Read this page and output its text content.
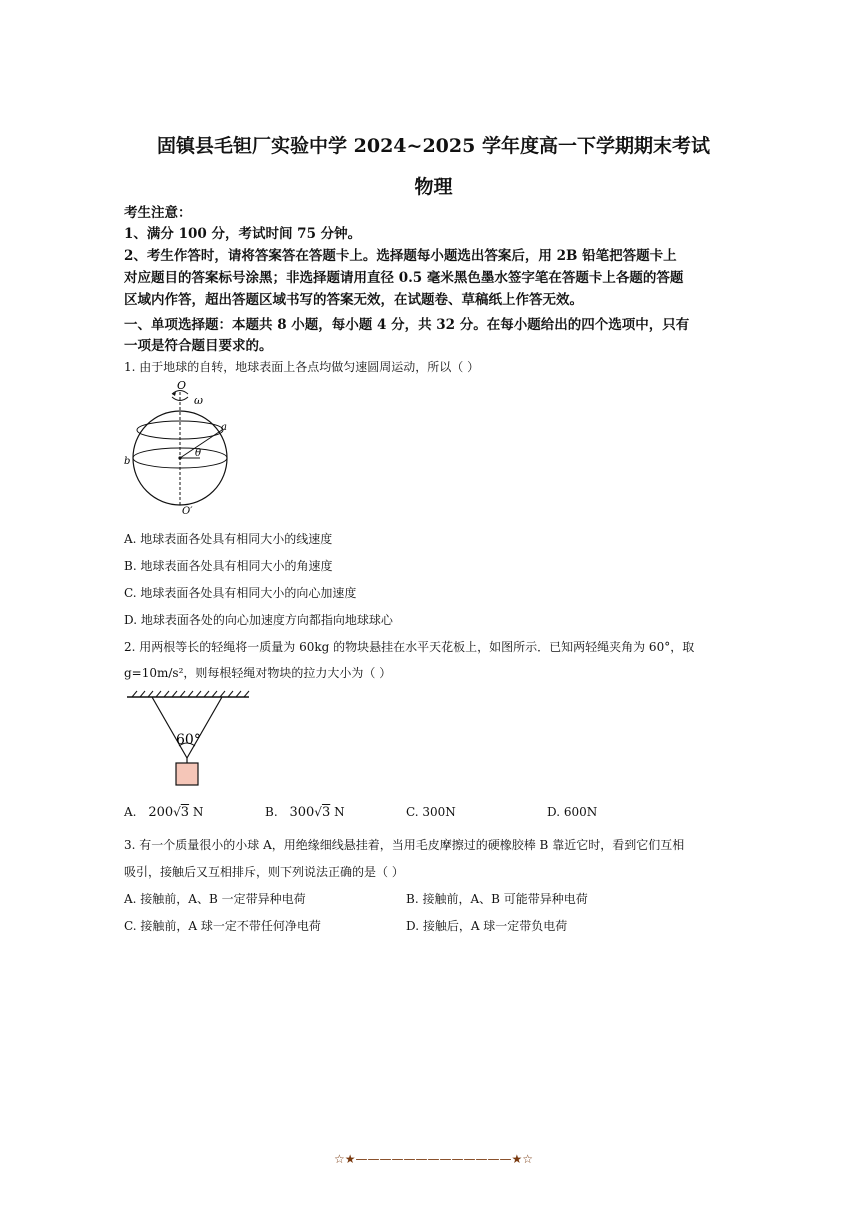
固镇县毛钽厂实验中学 2024~2025 学年度高一下学期期末考试
物理
考生注意：
1、满分 100 分，考试时间 75 分钟。
2、考生作答时，请将答案答在答题卡上。选择题每小题选出答案后，用 2B 铅笔把答题卡上
对应题目的答案标号涂黑；非选择题请用直径 0.5 毫米黑色墨水签字笔在答题卡上各题的答题
区域内作答，超出答题区域书写的答案无效，在试题卷、草稿纸上作答无效。
一、单项选择题：本题共 8 小题，每小题 4 分，共 32 分。在每小题给出的四个选项中，只有
一项是符合题目要求的。
1. 由于地球的自转，地球表面上各点均做匀速圆周运动，所以（ ）
O
ω
a
b
θ
O′
A. 地球表面各处具有相同大小的线速度
B. 地球表面各处具有相同大小的角速度
C. 地球表面各处具有相同大小的向心加速度
D. 地球表面各处的向心加速度方向都指向地球球心
2. 用两根等长的轻绳将一质量为 60kg 的物块悬挂在水平天花板上，如图所示．已知两轻绳夹角为 60°，取
g=10m/s²，则每根轻绳对物块的拉力大小为（ ）
60°
A. 200√3 N	B. 300√3 N	C. 300N	D. 600N
3. 有一个质量很小的小球 A，用绝缘细线悬挂着，当用毛皮摩擦过的硬橡胶棒 B 靠近它时，看到它们互相
吸引，接触后又互相排斥，则下列说法正确的是（ ）
A. 接触前，A、B 一定带异种电荷	B. 接触前，A、B 可能带异种电荷
C. 接触前，A 球一定不带任何净电荷	D. 接触后，A 球一定带负电荷
☆★—————————————★☆
